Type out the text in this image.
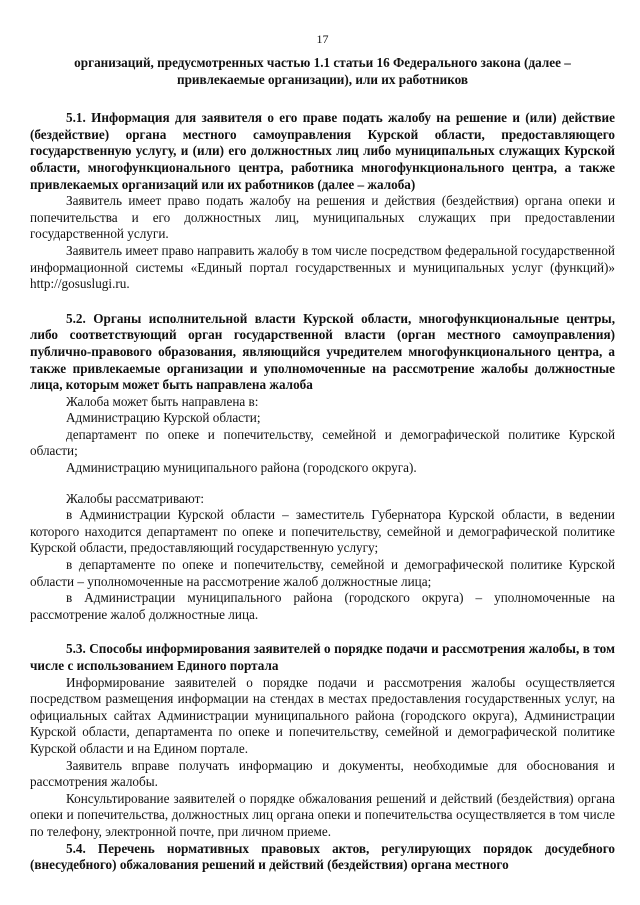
17

организаций, предусмотренных частью 1.1 статьи 16 Федерального закона (далее – привлекаемые организации), или их работников

5.1. Информация для заявителя о его праве подать жалобу на решение и (или) действие (бездействие) органа местного самоуправления Курской области, предоставляющего государственную услугу, и (или) его должностных лиц либо муниципальных служащих Курской области, многофункционального центра, работника многофункционального центра, а также привлекаемых организаций или их работников (далее – жалоба)

Заявитель имеет право подать жалобу на решения и действия (бездействия) органа опеки и попечительства и его должностных лиц, муниципальных служащих при предоставлении государственной услуги.

Заявитель имеет право направить жалобу в том числе посредством федеральной государственной информационной системы «Единый портал государственных и муниципальных услуг (функций)» http://gosuslugi.ru.

5.2. Органы исполнительной власти Курской области, многофункциональные центры, либо соответствующий орган государственной власти (орган местного самоуправления) публично-правового образования, являющийся учредителем многофункционального центра, а также привлекаемые организации и уполномоченные на рассмотрение жалобы должностные лица, которым может быть направлена жалоба

Жалоба может быть направлена в:

Администрацию Курской области;

департамент по опеке и попечительству, семейной и демографической политике Курской области;

Администрацию муниципального района (городского округа).

Жалобы рассматривают:

в Администрации Курской области – заместитель Губернатора Курской области, в ведении которого находится департамент по опеке и попечительству, семейной и демографической политике Курской области, предоставляющий государственную услугу;

в департаменте по опеке и попечительству, семейной и демографической политике Курской области – уполномоченные на рассмотрение жалоб должностные лица;

в Администрации муниципального района (городского округа) – уполномоченные на рассмотрение жалоб должностные лица.

5.3. Способы информирования заявителей о порядке подачи и рассмотрения жалобы, в том числе с использованием Единого портала

Информирование заявителей о порядке подачи и рассмотрения жалобы осуществляется посредством размещения информации на стендах в местах предоставления государственных услуг, на официальных сайтах Администрации муниципального района (городского округа), Администрации Курской области, департамента по опеке и попечительству, семейной и демографической политике Курской области и на Едином портале.

Заявитель вправе получать информацию и документы, необходимые для обоснования и рассмотрения жалобы.

Консультирование заявителей о порядке обжалования решений и действий (бездействия) органа опеки и попечительства, должностных лиц органа опеки и попечительства осуществляется в том числе по телефону, электронной почте, при личном приеме.

5.4. Перечень нормативных правовых актов, регулирующих порядок досудебного (внесудебного) обжалования решений и действий (бездействия) органа местного
